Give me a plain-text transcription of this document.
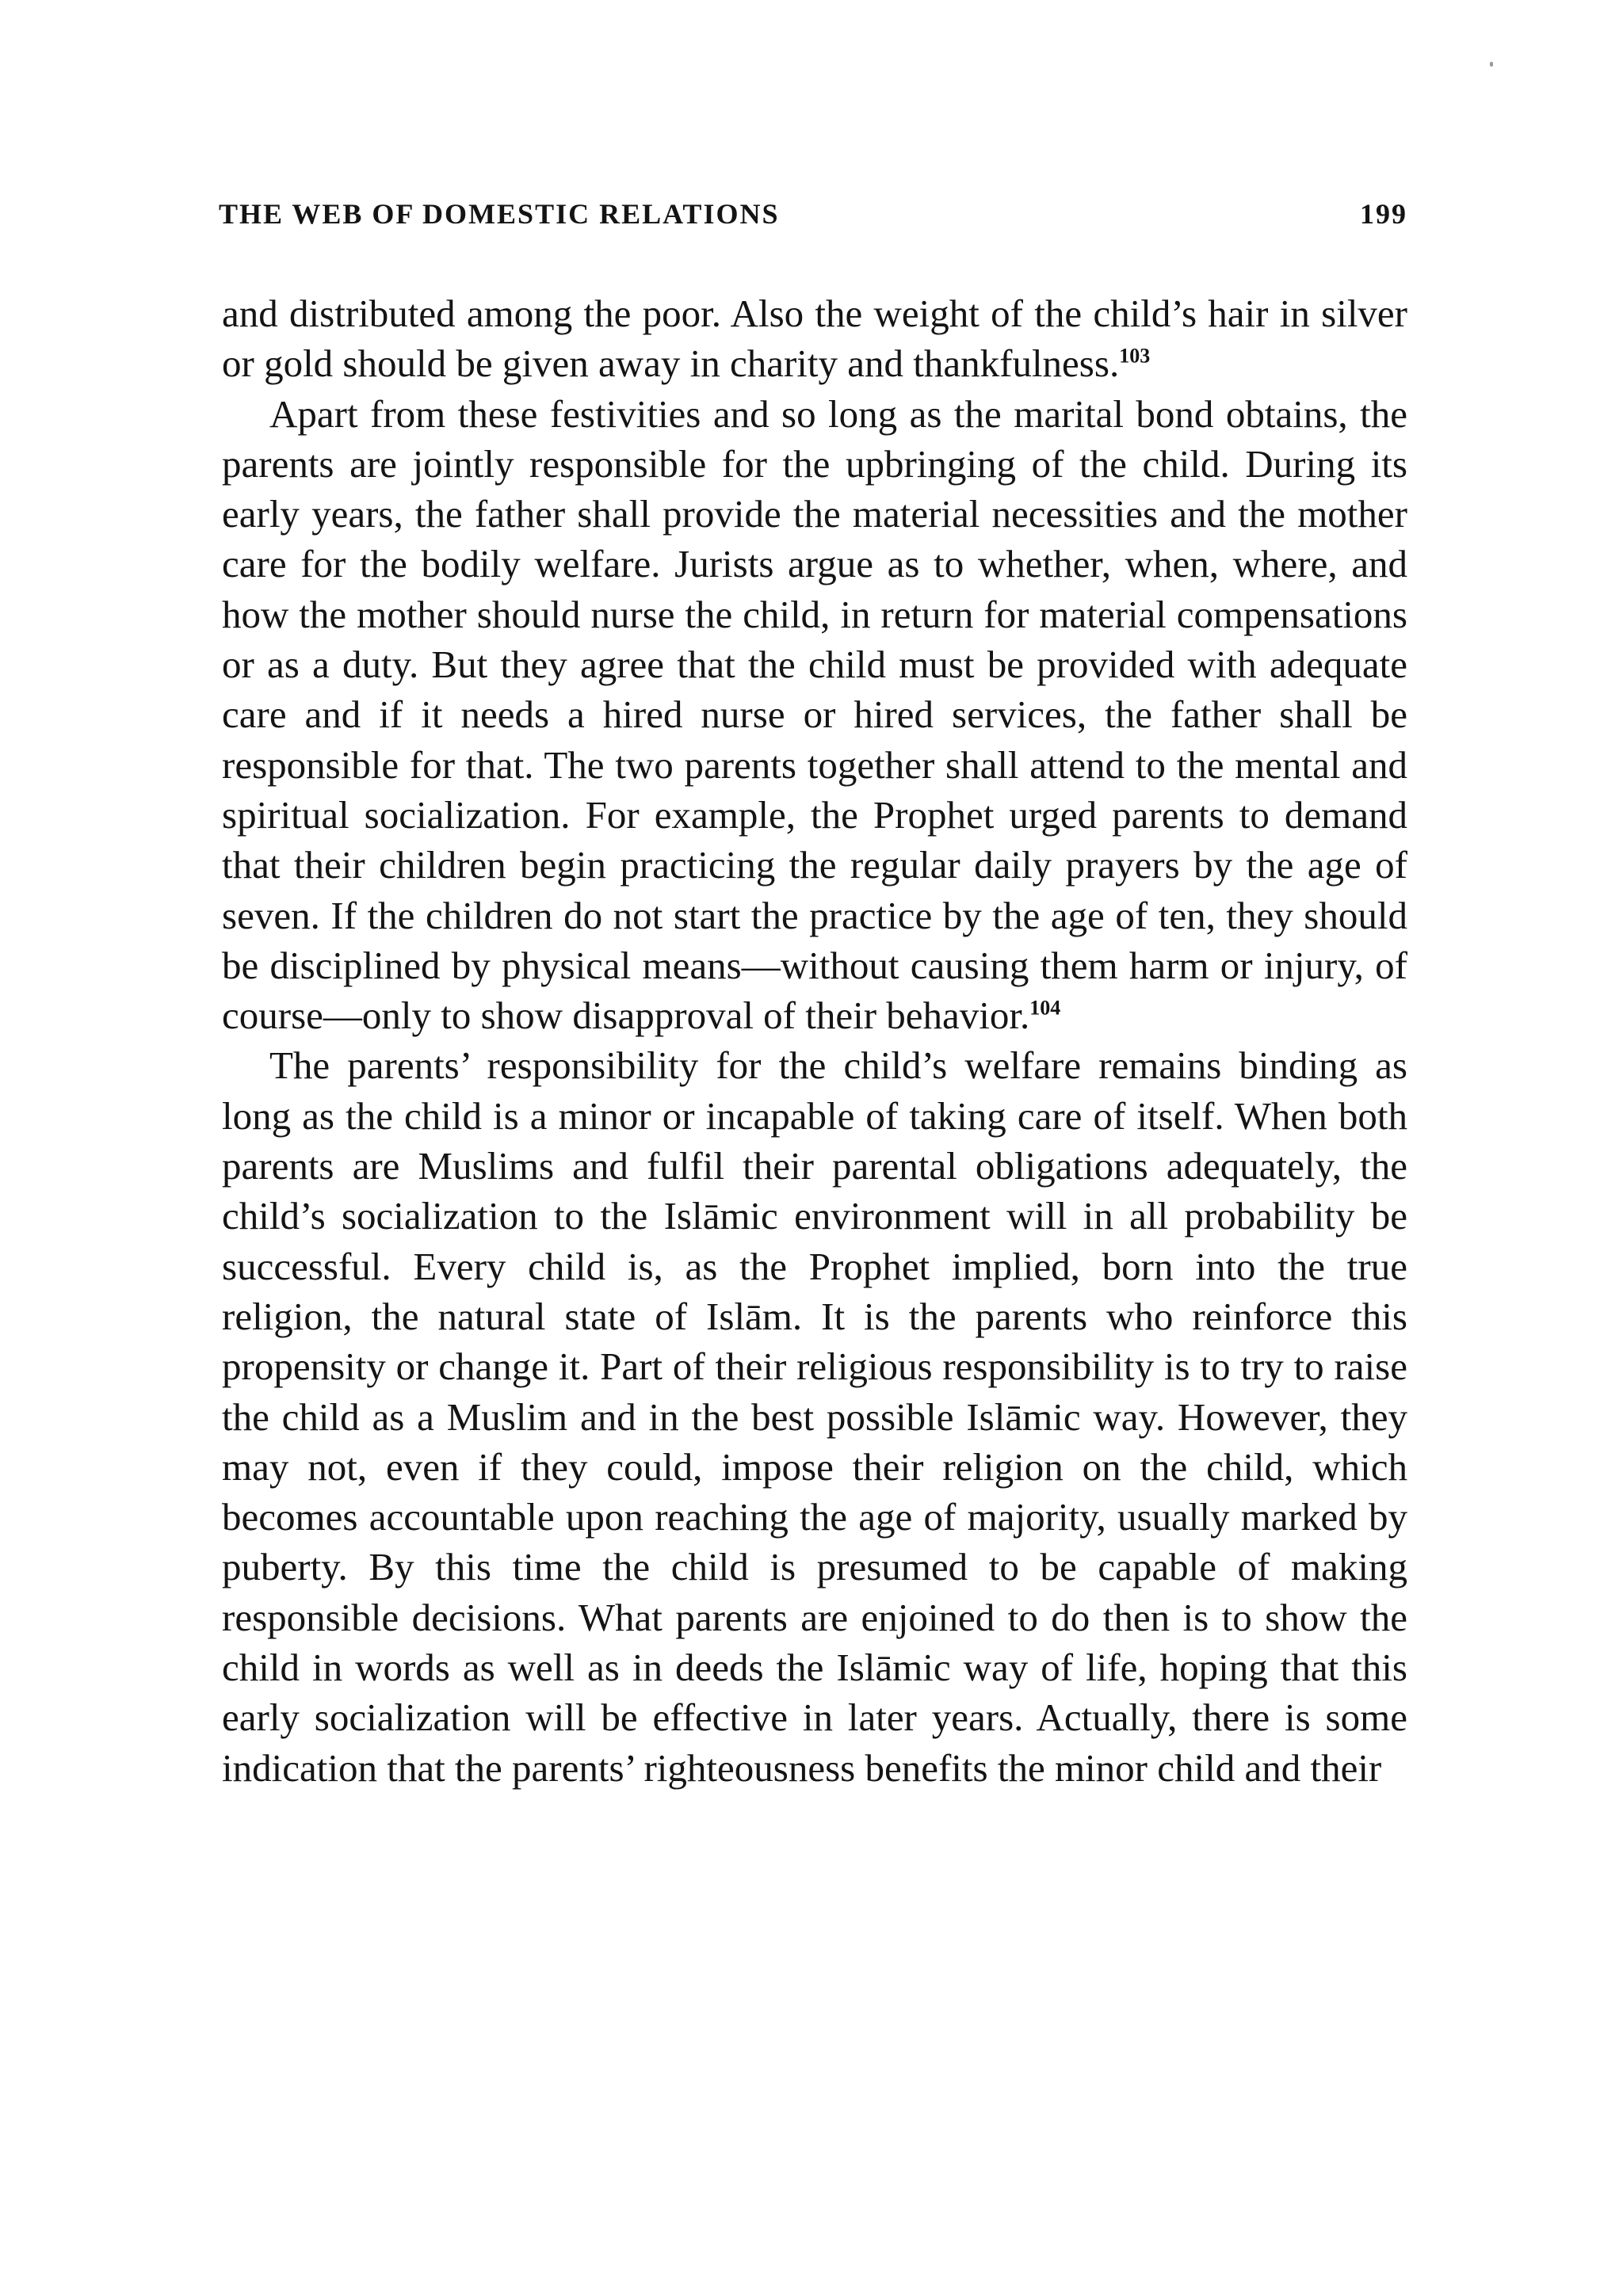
THE WEB OF DOMESTIC RELATIONS	199

and distributed among the poor. Also the weight of the child’s hair in silver or gold should be given away in charity and thankfulness.$^{103}$

Apart from these festivities and so long as the marital bond obtains, the parents are jointly responsible for the upbringing of the child. During its early years, the father shall provide the material necessities and the mother care for the bodily welfare. Jurists argue as to whether, when, where, and how the mother should nurse the child, in return for material compensations or as a duty. But they agree that the child must be provided with adequate care and if it needs a hired nurse or hired services, the father shall be responsible for that. The two parents together shall attend to the mental and spiritual socialization. For example, the Prophet urged parents to demand that their children begin practicing the regular daily prayers by the age of seven. If the children do not start the practice by the age of ten, they should be disciplined by physical means—without causing them harm or injury, of course—only to show disapproval of their behavior.$^{104}$

The parents’ responsibility for the child’s welfare remains binding as long as the child is a minor or incapable of taking care of itself. When both parents are Muslims and fulfil their parental obligations adequately, the child’s socialization to the Islāmic environment will in all probability be successful. Every child is, as the Prophet implied, born into the true religion, the natural state of Islām. It is the parents who reinforce this propensity or change it. Part of their religious responsibility is to try to raise the child as a Muslim and in the best possible Islāmic way. However, they may not, even if they could, impose their religion on the child, which becomes accountable upon reaching the age of majority, usually marked by puberty. By this time the child is presumed to be capable of making responsible decisions. What parents are enjoined to do then is to show the child in words as well as in deeds the Islāmic way of life, hoping that this early socialization will be effective in later years. Actually, there is some indication that the parents’ righteousness benefits the minor child and their
